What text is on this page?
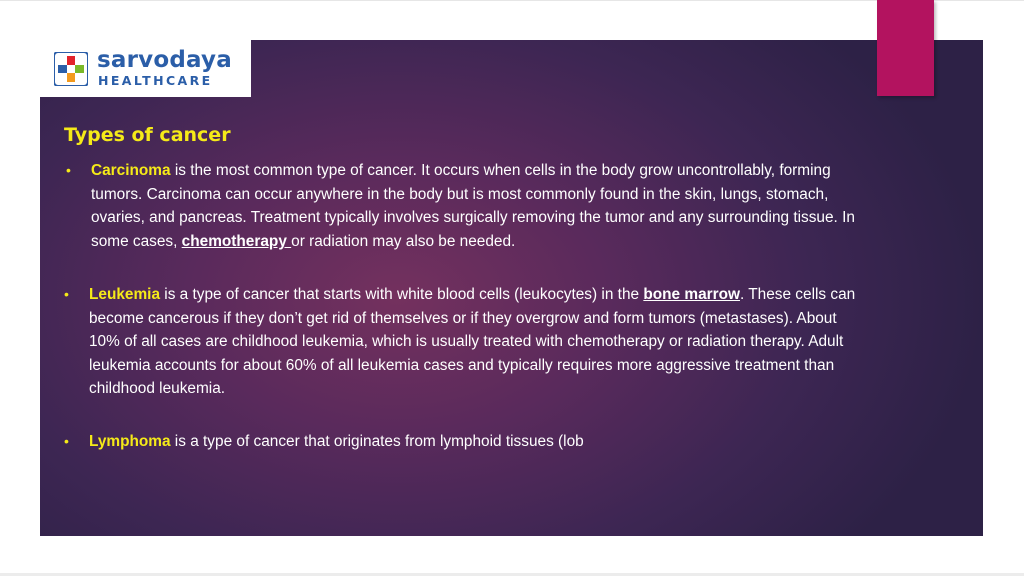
sarvodaya
HEALTHCARE
Types of cancer
• Carcinoma is the most common type of cancer. It occurs when cells in the body grow uncontrollably, forming tumors. Carcinoma can occur anywhere in the body but is most commonly found in the skin, lungs, stomach, ovaries, and pancreas. Treatment typically involves surgically removing the tumor and any surrounding tissue. In some cases, chemotherapy or radiation may also be needed.
• Leukemia is a type of cancer that starts with white blood cells (leukocytes) in the bone marrow. These cells can become cancerous if they don’t get rid of themselves or if they overgrow and form tumors (metastases). About 10% of all cases are childhood leukemia, which is usually treated with chemotherapy or radiation therapy. Adult leukemia accounts for about 60% of all leukemia cases and typically requires more aggressive treatment than childhood leukemia.
• Lymphoma is a type of cancer that originates from lymphoid tissues (lob
